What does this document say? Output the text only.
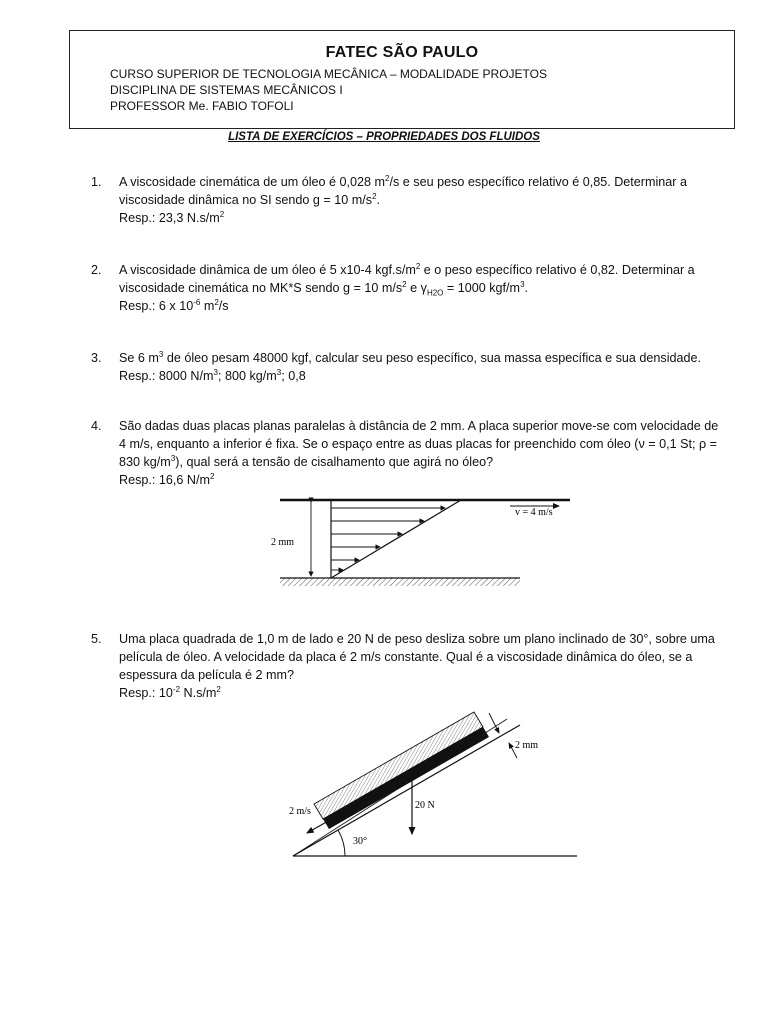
FATEC SÃO PAULO
CURSO SUPERIOR DE TECNOLOGIA MECÂNICA – MODALIDADE PROJETOS
DISCIPLINA DE SISTEMAS MECÂNICOS I
PROFESSOR Me. FABIO TOFOLI
LISTA DE EXERCÍCIOS – PROPRIEDADES DOS FLUIDOS
1.	A viscosidade cinemática de um óleo é 0,028 $m^2/s$ e seu peso específico relativo é 0,85. Determinar a viscosidade dinâmica no SI sendo g = 10 $m/s^2$.
Resp.: 23,3 $N.s/m^2$
2.	A viscosidade dinâmica de um óleo é 5 x10-4 $kgf.s/m^2$ e o peso específico relativo é 0,82. Determinar a viscosidade cinemática no MK*S sendo g = 10 $m/s^2$ e $\gamma_{H2O} = 1000$ kgf/$m^3$.
Resp.: 6 x $10^{-6}$ $m^2/s$
3.	Se 6 $m^3$ de óleo pesam 48000 kgf, calcular seu peso específico, sua massa específica e sua densidade.
Resp.: 8000 $N/m^3$; 800 $kg/m^3$; 0,8
4.	São dadas duas placas planas paralelas à distância de 2 mm. A placa superior move-se com velocidade de 4 m/s, enquanto a inferior é fixa. Se o espaço entre as duas placas for preenchido com óleo (ν = 0,1 St; ρ = 830 $kg/m^3$), qual será a tensão de cisalhamento que agirá no óleo?
Resp.: 16,6 $N/m^2$
v = 4 m/s
2 mm
5.	Uma placa quadrada de 1,0 m de lado e 20 N de peso desliza sobre um plano inclinado de 30°, sobre uma película de óleo. A velocidade da placa é 2 m/s constante. Qual é a viscosidade dinâmica do óleo, se a espessura da película é 2 mm?
Resp.: $10^{-2}$ $N.s/m^2$
20 N
2 m/s
30°
2 mm
